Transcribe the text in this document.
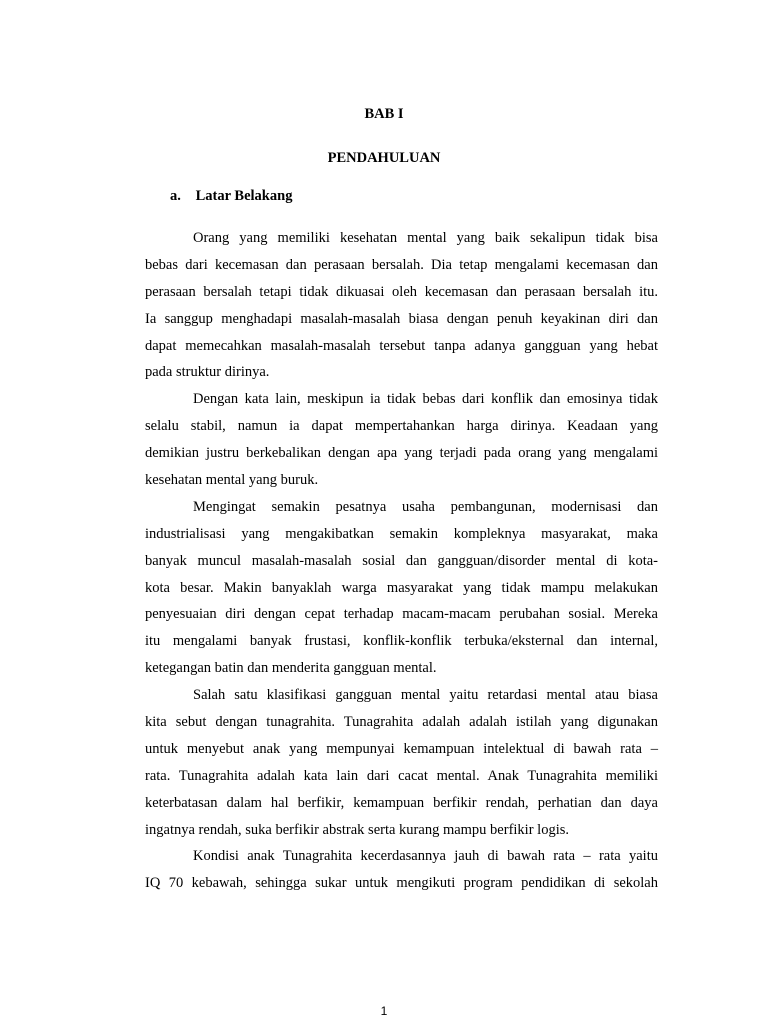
BAB I
PENDAHULUAN
a. Latar Belakang
Orang yang memiliki kesehatan mental yang baik sekalipun tidak bisa
bebas dari kecemasan dan perasaan bersalah. Dia tetap mengalami kecemasan dan
perasaan bersalah tetapi tidak dikuasai oleh kecemasan dan perasaan bersalah itu.
Ia sanggup menghadapi masalah-masalah biasa dengan penuh keyakinan diri dan
dapat memecahkan masalah-masalah tersebut tanpa adanya gangguan yang hebat
pada struktur dirinya.
Dengan kata lain, meskipun ia tidak bebas dari konflik dan emosinya tidak
selalu stabil, namun ia dapat mempertahankan harga dirinya. Keadaan yang
demikian justru berkebalikan dengan apa yang terjadi pada orang yang mengalami
kesehatan mental yang buruk.
Mengingat semakin pesatnya usaha pembangunan, modernisasi dan
industrialisasi yang mengakibatkan semakin kompleknya masyarakat, maka
banyak muncul masalah-masalah sosial dan gangguan/disorder mental di kota-
kota besar. Makin banyaklah warga masyarakat yang tidak mampu melakukan
penyesuaian diri dengan cepat terhadap macam-macam perubahan sosial. Mereka
itu mengalami banyak frustasi, konflik-konflik terbuka/eksternal dan internal,
ketegangan batin dan menderita gangguan mental.
Salah satu klasifikasi gangguan mental yaitu retardasi mental atau biasa
kita sebut dengan tunagrahita. Tunagrahita adalah adalah istilah yang digunakan
untuk menyebut anak yang mempunyai kemampuan intelektual di bawah rata –
rata. Tunagrahita adalah kata lain dari cacat mental. Anak Tunagrahita memiliki
keterbatasan dalam hal berfikir, kemampuan berfikir rendah, perhatian dan daya
ingatnya rendah, suka berfikir abstrak serta kurang mampu berfikir logis.
Kondisi anak Tunagrahita kecerdasannya jauh di bawah rata – rata yaitu
IQ 70 kebawah, sehingga sukar untuk mengikuti program pendidikan di sekolah
1
